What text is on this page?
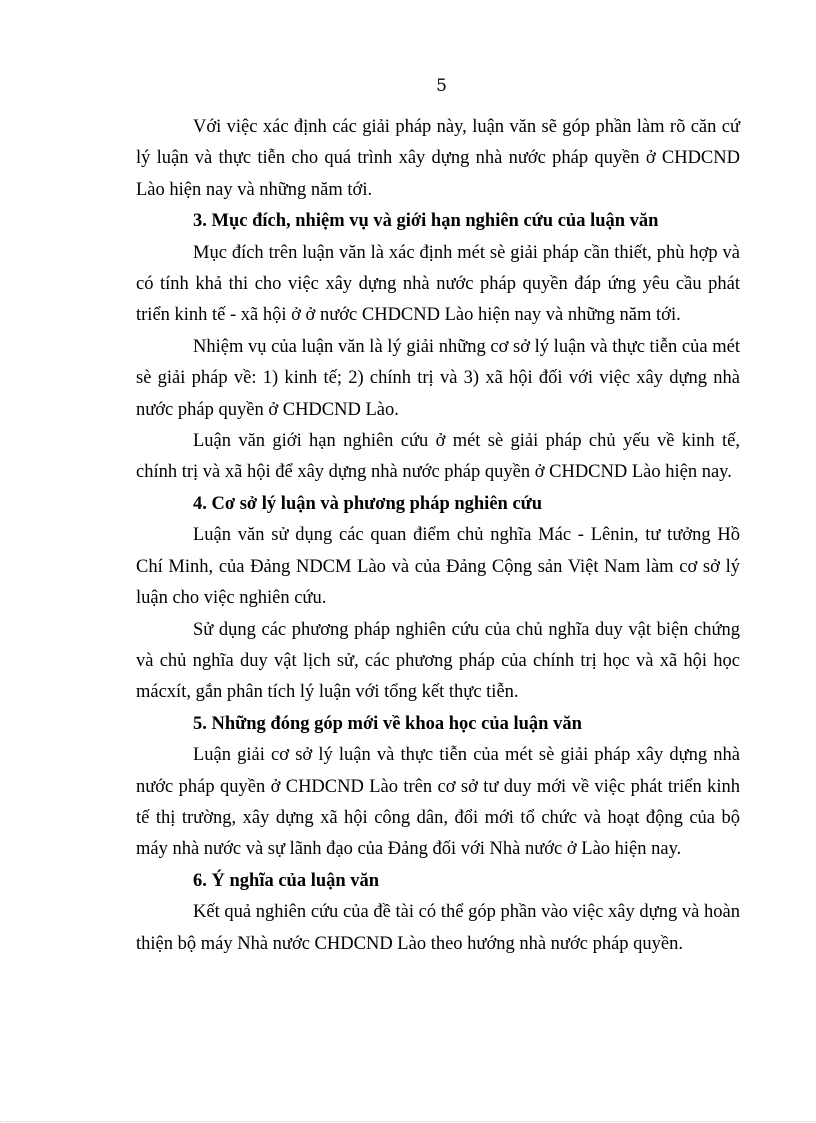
5

Với việc xác định các giải pháp này, luận văn sẽ góp phần làm rõ căn cứ lý luận và thực tiễn cho quá trình xây dựng nhà nước pháp quyền ở CHDCND Lào hiện nay và những năm tới.

3. Mục đích, nhiệm vụ và giới hạn nghiên cứu của luận văn

Mục đích trên luận văn là xác định mét sè giải pháp cần thiết, phù hợp và có tính khả thi cho việc xây dựng nhà nước pháp quyền đáp ứng yêu cầu phát triển kinh tế - xã hội ở ở nước CHDCND Lào hiện nay và những năm tới.

Nhiệm vụ của luận văn là lý giải những cơ sở lý luận và thực tiễn của mét sè giải pháp về: 1) kinh tế; 2) chính trị và 3) xã hội đối với việc xây dựng nhà nước pháp quyền ở CHDCND Lào.

Luận văn giới hạn nghiên cứu ở mét sè giải pháp chủ yếu về kinh tế, chính trị và xã hội để xây dựng nhà nước pháp quyền ở CHDCND Lào hiện nay.

4. Cơ sở lý luận và phương pháp nghiên cứu

Luận văn sử dụng các quan điểm chủ nghĩa Mác - Lênin, tư tưởng Hồ Chí Minh, của Đảng NDCM Lào và của Đảng Cộng sản Việt Nam làm cơ sở lý luận cho việc nghiên cứu.

Sử dụng các phương pháp nghiên cứu của chủ nghĩa duy vật biện chứng và chủ nghĩa duy vật lịch sử, các phương pháp của chính trị học và xã hội học mácxít, gắn phân tích lý luận với tổng kết thực tiễn.

5. Những đóng góp mới về khoa học của luận văn

Luận giải cơ sở lý luận và thực tiễn của mét sè giải pháp xây dựng nhà nước pháp quyền ở CHDCND Lào trên cơ sở tư duy mới về việc phát triển kinh tế thị trường, xây dựng xã hội công dân, đổi mới tổ chức và hoạt động của bộ máy nhà nước và sự lãnh đạo của Đảng đối với Nhà nước ở Lào hiện nay.

6. Ý nghĩa của luận văn

Kết quả nghiên cứu của đề tài có thể góp phần vào việc xây dựng và hoàn thiện bộ máy Nhà nước CHDCND Lào theo hướng nhà nước pháp quyền.
